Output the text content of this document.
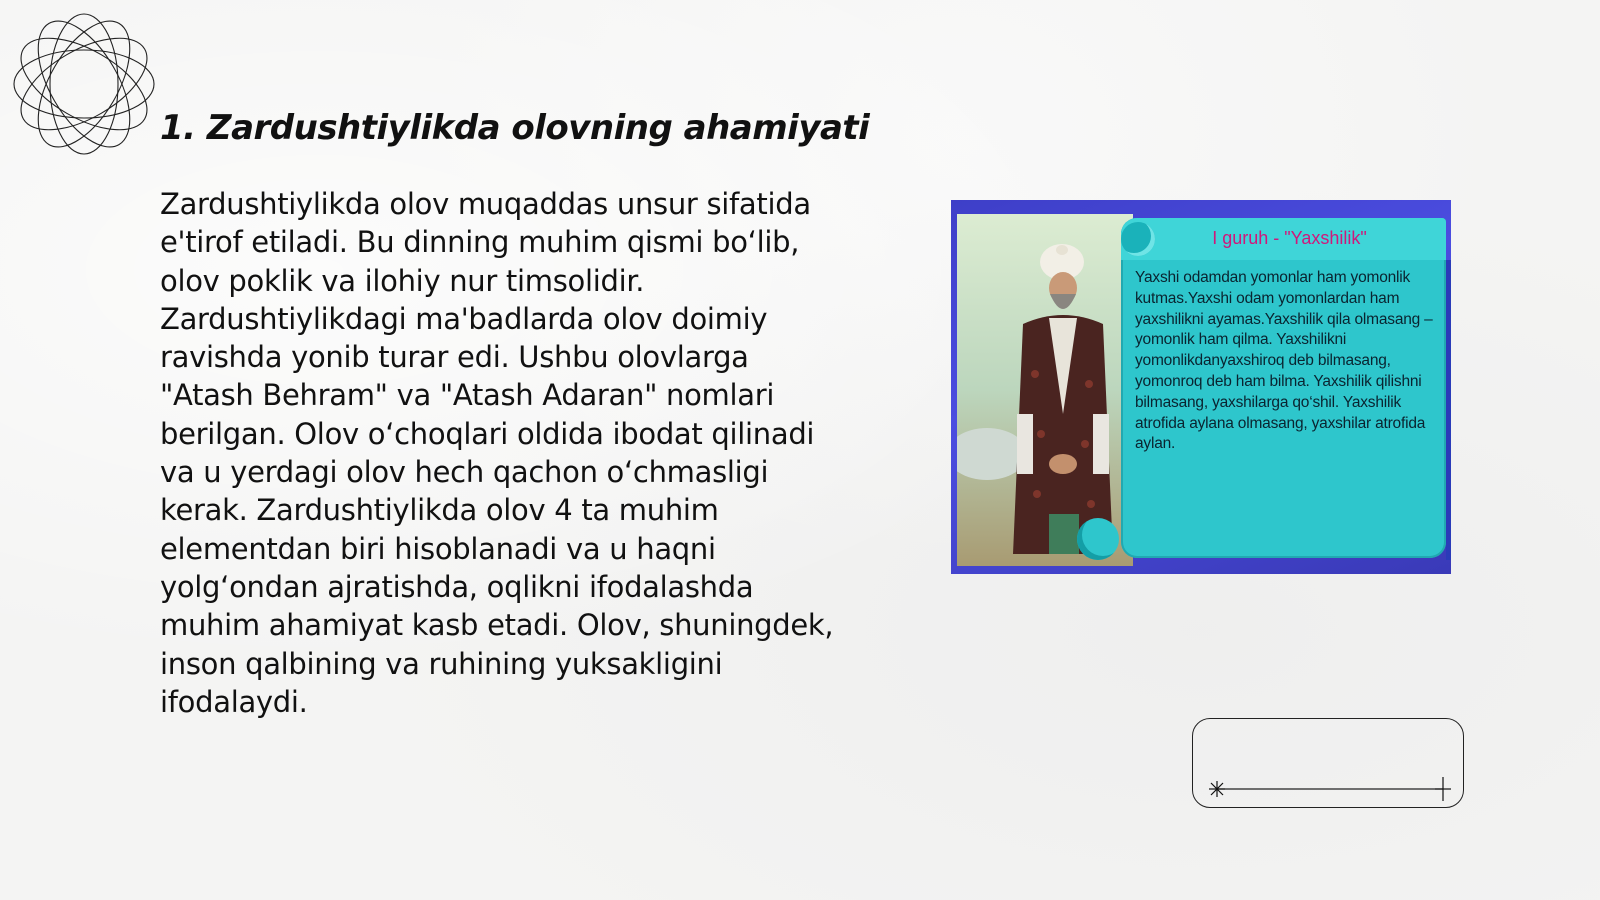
1. Zardushtiylikda olovning ahamiyati

Zardushtiylikda olov muqaddas unsur sifatida e'tirof etiladi. Bu dinning muhim qismi bo‘lib, olov poklik va ilohiy nur timsolidir. Zardushtiylikdagi ma'badlarda olov doimiy ravishda yonib turar edi. Ushbu olovlarga "Atash Behram" va "Atash Adaran" nomlari berilgan. Olov o‘choqlari oldida ibodat qilinadi va u yerdagi olov hech qachon o‘chmasligi kerak. Zardushtiylikda olov 4 ta muhim elementdan biri hisoblanadi va u haqni yolg‘ondan ajratishda, oqlikni ifodalashda muhim ahamiyat kasb etadi. Olov, shuningdek, inson qalbining va ruhining yuksakligini ifodalaydi.

I guruh - "Yaxshilik"

Yaxshi odamdan yomonlar ham yomonlik kutmas.Yaxshi odam yomonlardan ham yaxshilikni ayamas.Yaxshilik qila olmasang – yomonlik ham qilma. Yaxshilikni yomonlikdanyaxshiroq deb bilmasang, yomonroq deb ham bilma. Yaxshilik qilishni bilmasang, yaxshilarga qo‘shil. Yaxshilik atrofida aylana olmasang, yaxshilar atrofida aylan.
